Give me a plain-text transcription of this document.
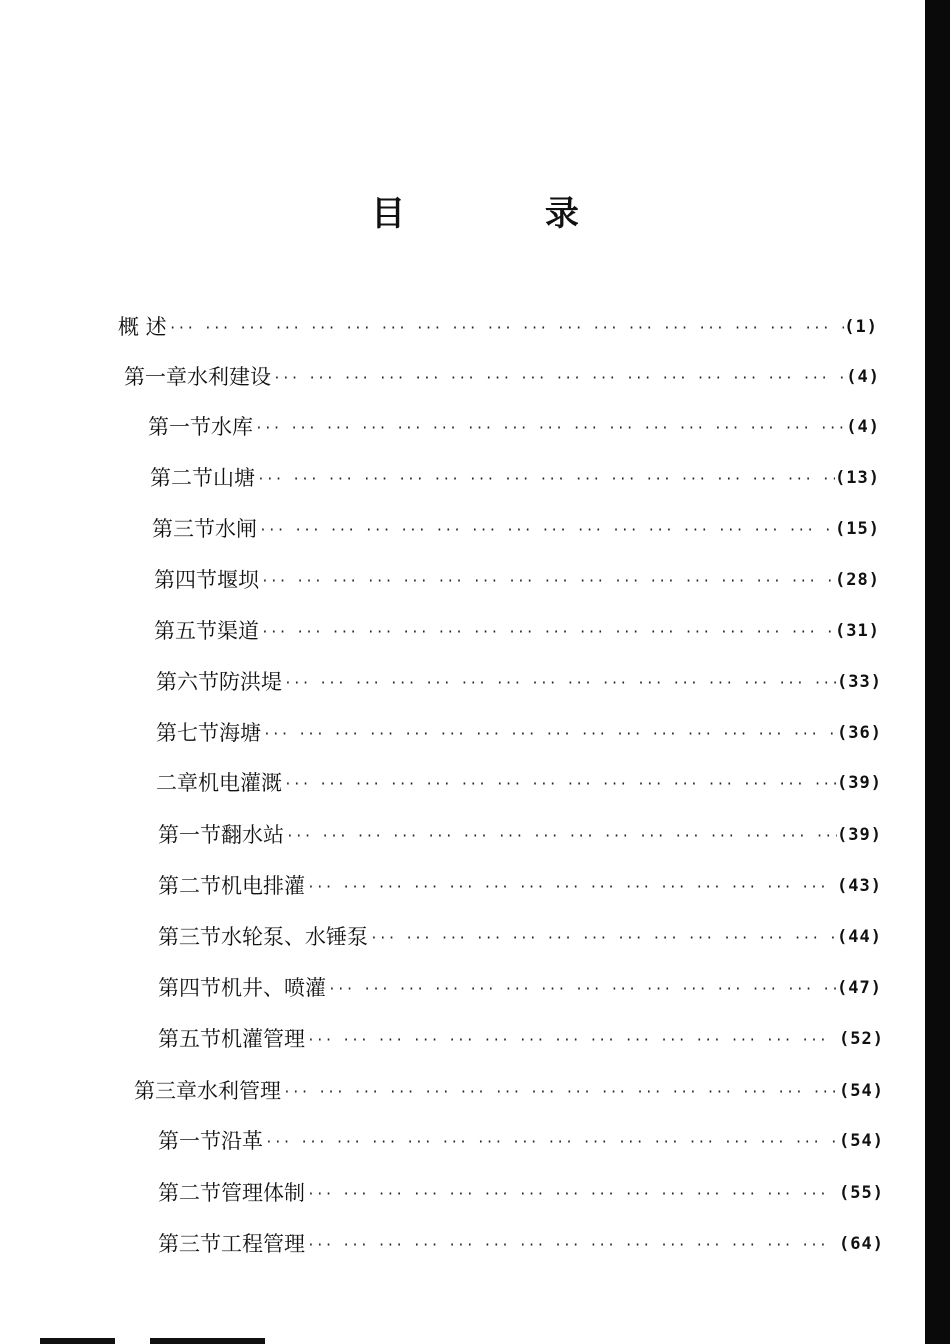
目 录
概 述 ··· ·	(1)
第一章 水利建设 ··· ·	(4)
第一节 水库 ··· ·	(4)
第二节 山塘 ··· ·	(13)
第三节 水闸 ··· ·	(15)
第四节 堰坝 ··· ·	(28)
第五节 渠道 ··· ·	(31)
第六节 防洪堤 ··· ·	(33)
第七节 海塘 ··· ·	(36)
二章 机电灌溉 ··· ·	(39)
第一节 翻水站 ··· ·	(39)
第二节 机电排灌 ··· ·	(43)
第三节 水轮泵、水锤泵 ··· ·	(44)
第四节 机井、喷灌 ··· ·	(47)
第五节 机灌管理 ··· ·	(52)
第三章 水利管理 ··· ·	(54)
第一节 沿革 ··· ·	(54)
第二节 管理体制 ··· ·	(55)
第三节 工程管理 ··· ·	(64)
